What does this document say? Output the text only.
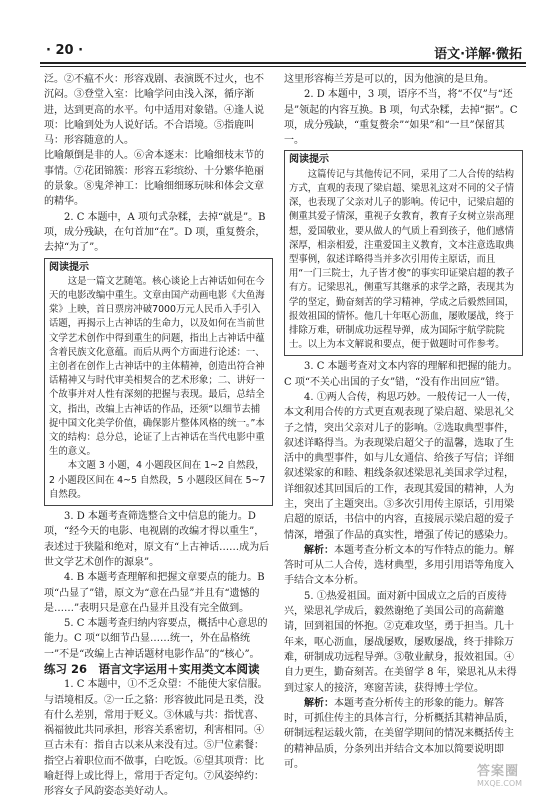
· 20 ·	语文·详解·微拓

泛。②不瘟不火：形容戏剧、表演既不过火，也不沉闷。③登堂入室：比喻学问由浅入深，循序渐进，达到更高的水平。句中适用对象错。④逢人说项：比喻到处为人说好话。不合语境。⑤指鹿叫马：形容随意的人。

比喻颠倒是非的人。⑥舍本逐末：比喻细枝末节的事情。⑦花团锦簇：形容五彩缤纷、十分繁华艳丽的景象。⑧鬼斧神工：比喻细细琢玩味和体会文章的精华。

2. C 本题中，A 项句式杂糅，去掉“就是”。B 项，成分残缺，在句首加“在”。D 项，重复赘余，去掉“为了”。

阅读提示

这是一篇文艺随笔。核心谈论上古神话如何在今天的电影改编中重生。文章由国产动画电影《大鱼海棠》上映，首日票房冲破7000万元人民币入手引入话题，再揭示上古神话的生命力，以及如何在当前世文学艺术创作中得到重生的问题，指出上古神话中蕴含着民族文化意蕴。而后从两个方面进行论述：一、主创者在创作上古神话中的主体精神，创造出符合神话精神又与时代审美相契合的艺术形象；二、讲好一个故事并对人性有深刻的把握与表现。最后，总结全文，指出，改编上古神话的作品，还须“以细节去捕捉中国文化美学价值，确保影片整体风格的统一。”本文的结构：总分总，论证了上古神话在当代电影中重生的意义。

本文题 3 小题，4 小题段区间在 1~2 自然段，2 小题段区间在 4~5 自然段，5 小题段区间在 5~7 自然段。

3. D 本题考查筛选整合文中信息的能力。D 项，“经今天的电影、电视剧的改编才得以重生”，表述过于狭隘和绝对，原文有“上古神话……成为后世文学艺术创作的源泉”。

4. B 本题考查理解和把握文章要点的能力。B 项“凸显了”错，原文为“意在凸显”并且有“遗憾的是……”表明只是意在凸显并且没有完全做到。

5. C 本题考查归纳内容要点，概括中心意思的能力。C 项“以细节凸显……统一，外在品格统一”不是“改编上古神话题材电影作品”的“核心”。

练习 26　语言文字运用＋实用类文本阅读

1. C 本题中，①不乏众望：不能使大家信服。与语境相反。②一丘之貉：形容彼此同是丑类，没有什么差别，常用于贬义。③休戚与共：指忧喜、祸福彼此共同承担，形容关系密切，利害相同。④亘古未有：指自古以来从来没有过。⑤尸位素餐：指空占着职位而不做事，白吃饭。⑥望其项背：比喻赶得上或比得上，常用于否定句。⑦风姿绰约：形容女子风韵姿态美好动人。

这里形容梅兰芳是可以的，因为他演的是旦角。

2. D 本题中，3 项，语序不当，将“不仅”与“还是”领起的内容互换。B 项，句式杂糅，去掉“据”。C 项，成分残缺，“重复赘余”“如果”和“一旦”保留其一。

阅读提示

这篇传记与其他传记不同，采用了二人合传的结构方式，直观的表现了梁启超、梁思礼这对不同的父子情深，也表现了父亲对儿子的影响。传记中，记梁启超的侧重其爱子情深，重视子女教育，教育子女树立崇高理想，爱国敬业，要从做人的气质上看到孩子，他们感情深厚，相亲相爱，注重爱国主义教育，文本注意选取典型事例，叙述详略得当并多次引用传主原话，而且用“一门三院士，九子皆才俊”的事实印证梁启超的教子有方。记梁思礼，侧重写其继承的求学之路，表现其为学的坚定，勤奋刻苦的学习精神，学成之后毅然回国，报效祖国的情怀。他几十年呕心沥血，屡败屡战，终于排除万难，研制成功远程导弹，成为国际宇航学院院士。以上为本文解说和要点，便于做题时可作参考。

3. C 本题考查对文本内容的理解和把握的能力。C 项“不关心出国的子女”错，“没有作出回应”错。

4. ①两人合传，构思巧妙。一般传记一人一传，本文利用合传的方式更直观表现了梁启超、梁思礼父子之情，突出父亲对儿子的影响。②选取典型事件，叙述详略得当。为表现梁启超父子的温馨，选取了生活中的典型事件，如与儿女通信、给孩子写信；详细叙述梁家的和睦、粗线条叙述梁思礼美国求学过程，详细叙述其回国后的工作，表现其爱国的精神，人为主，突出了主题突出。③多次引用传主原话，引用梁启超的原话，书信中的内容，直接展示梁启超的爱子情深，增强了作品的真实性，增强了传记的感染力。

解析：本题考查分析文本的写作特点的能力。解答时可从二人合传，选材典型，多用引用语等角度入手结合文本分析。

5. ①热爱祖国。面对新中国成立之后的百废待兴，梁思礼学成后，毅然谢绝了美国公司的高薪邀请，回到祖国的怀抱。②克难攻坚，勇于担当。几十年来，呕心沥血，屡战屡败，屡败屡战，终于排除万难，研制成功远程导弹。③敬业献身，报效祖国。④自力更生，勤奋刻苦。在美留学 8 年，梁思礼从未得到过家人的接济，寒窗苦读，获得博士学位。

解析：本题考查分析传主的形象的能力。解答时，可抓住传主的具体言行，分析概括其精神品质，研制远程运载火箭，在美留学期间的情况来概括传主的精神品质，分条列出并结合文本加以简要说明即可。	答案圈
MXQE.COM
